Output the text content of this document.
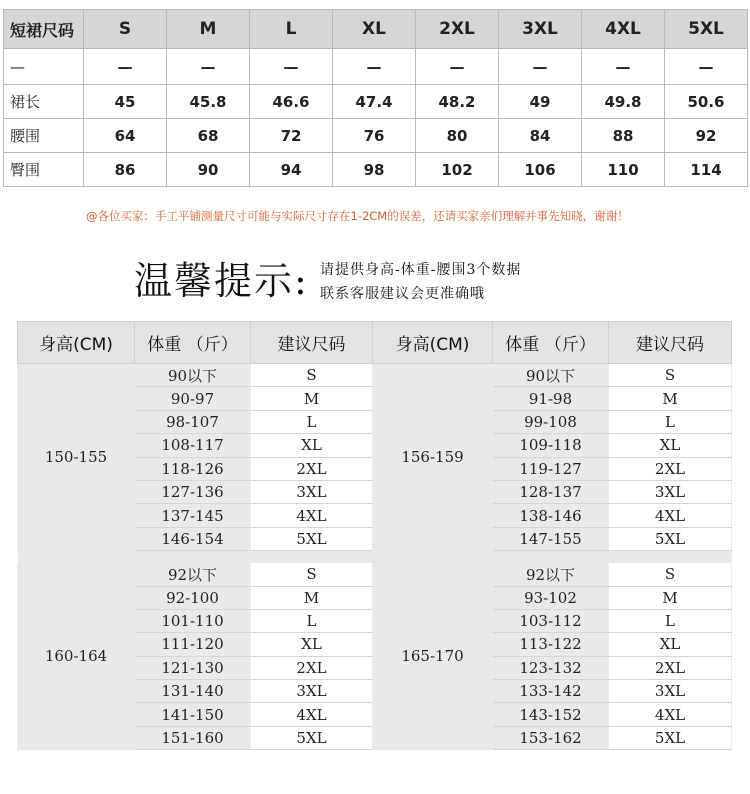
短裙尺码	S	M	L	XL	2XL	3XL	4XL	5XL
—	—	—	—	—	—	—	—	—
裙长	45	45.8	46.6	47.4	48.2	49	49.8	50.6
腰围	64	68	72	76	80	84	88	92
臀围	86	90	94	98	102	106	110	114
@各位买家：手工平铺测量尺寸可能与实际尺寸存在1-2CM的误差，还请买家亲们理解并事先知晓，谢谢！
温馨提示: 请提供身高-体重-腰围3个数据
联系客服建议会更准确哦
身高(CM)	体重 （斤）	建议尺码	身高(CM)	体重 （斤）	建议尺码
150-155	90以下	S	156-159	90以下	S
	90-97	M		91-98	M
	98-107	L		99-108	L
	108-117	XL		109-118	XL
	118-126	2XL		119-127	2XL
	127-136	3XL		128-137	3XL
	137-145	4XL		138-146	4XL
	146-154	5XL		147-155	5XL

160-164	92以下	S	165-170	92以下	S
	92-100	M		93-102	M
	101-110	L		103-112	L
	111-120	XL		113-122	XL
	121-130	2XL		123-132	2XL
	131-140	3XL		133-142	3XL
	141-150	4XL		143-152	4XL
	151-160	5XL		153-162	5XL
